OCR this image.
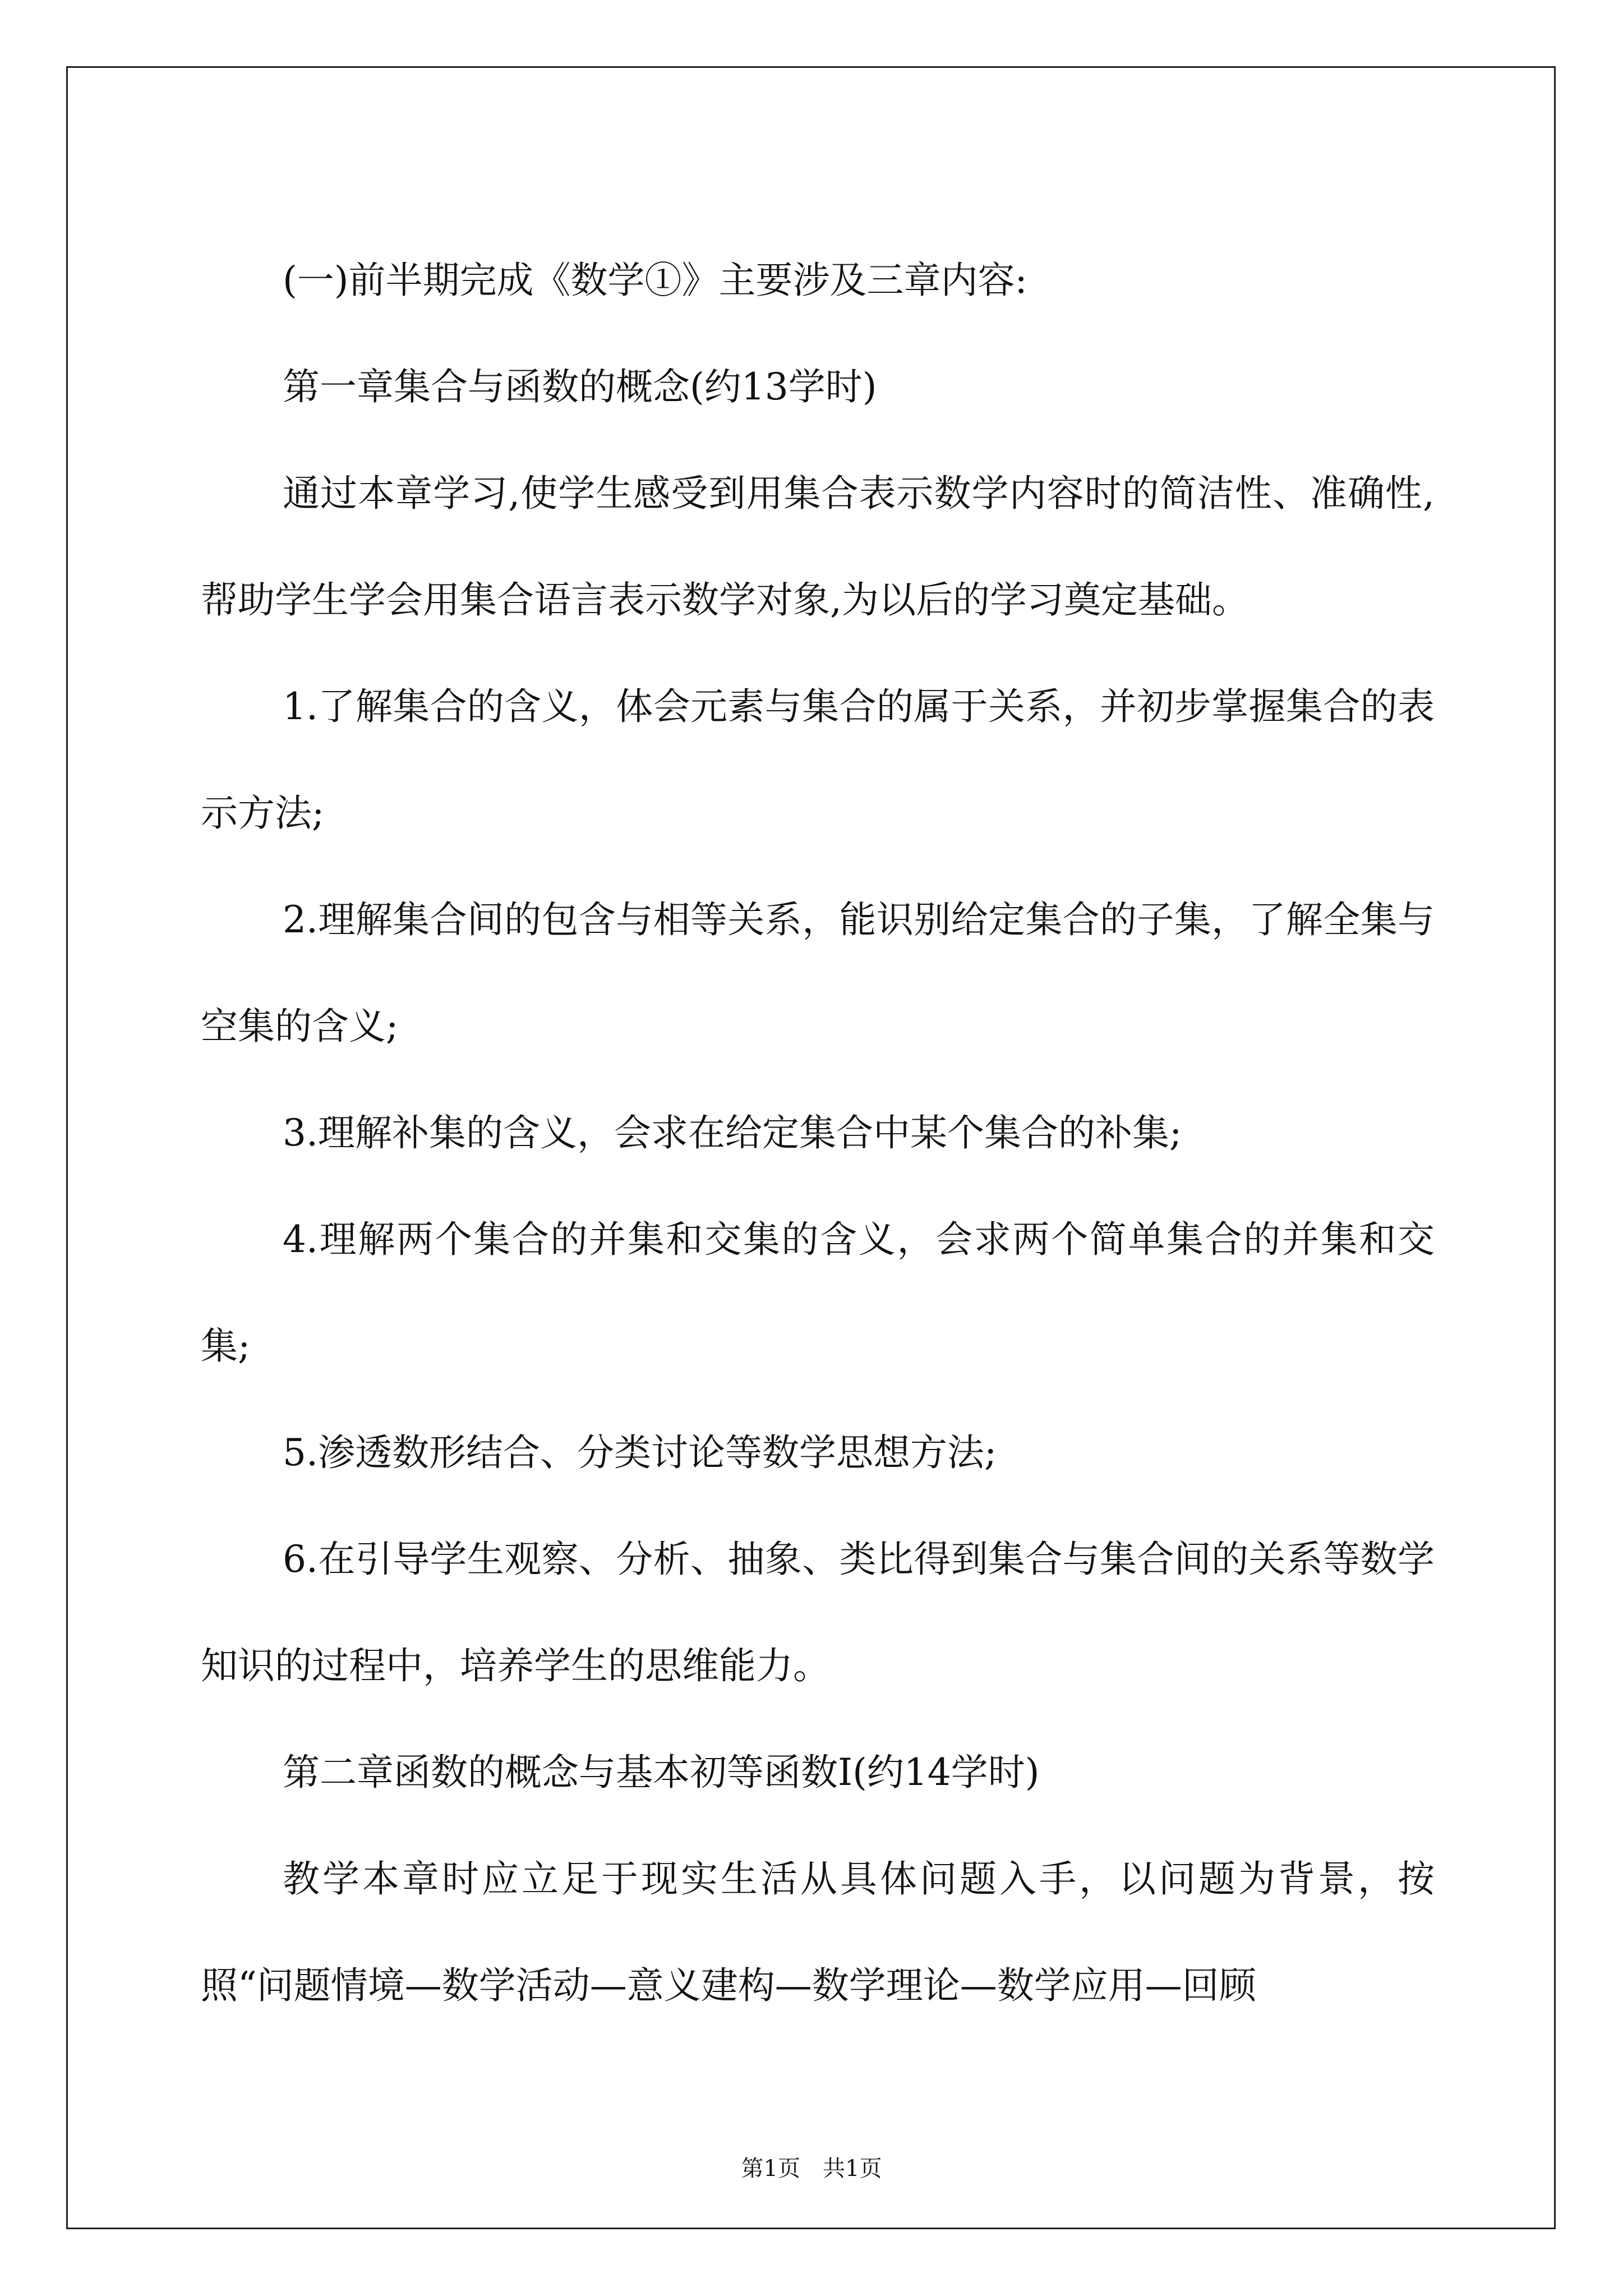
(一)前半期完成《数学①》主要涉及三章内容:

第一章集合与函数的概念(约13学时)

通过本章学习,使学生感受到用集合表示数学内容时的简洁性、准确性,帮助学生学会用集合语言表示数学对象,为以后的学习奠定基础。

1.了解集合的含义，体会元素与集合的属于关系，并初步掌握集合的表示方法;

2.理解集合间的包含与相等关系，能识别给定集合的子集，了解全集与空集的含义;

3.理解补集的含义，会求在给定集合中某个集合的补集;

4.理解两个集合的并集和交集的含义，会求两个简单集合的并集和交集;

5.渗透数形结合、分类讨论等数学思想方法;

6.在引导学生观察、分析、抽象、类比得到集合与集合间的关系等数学知识的过程中，培养学生的思维能力。

第二章函数的概念与基本初等函数Ⅰ(约14学时)

教学本章时应立足于现实生活从具体问题入手，以问题为背景，按照“问题情境—数学活动—意义建构—数学理论—数学应用—回顾

第1页 共1页
